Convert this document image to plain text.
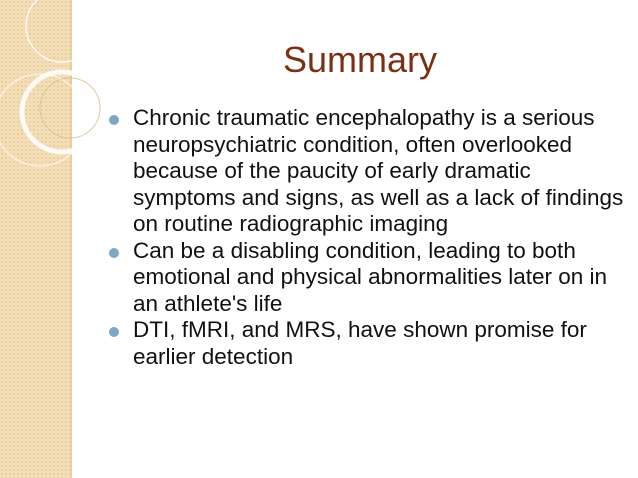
Summary
Chronic traumatic encephalopathy is a serious neuropsychiatric condition, often overlooked because of the paucity of early dramatic symptoms and signs, as well as a lack of findings on routine radiographic imaging
Can be a disabling condition, leading to both emotional and physical abnormalities later on in an athlete's life
DTI, fMRI, and MRS, have shown promise for earlier detection
